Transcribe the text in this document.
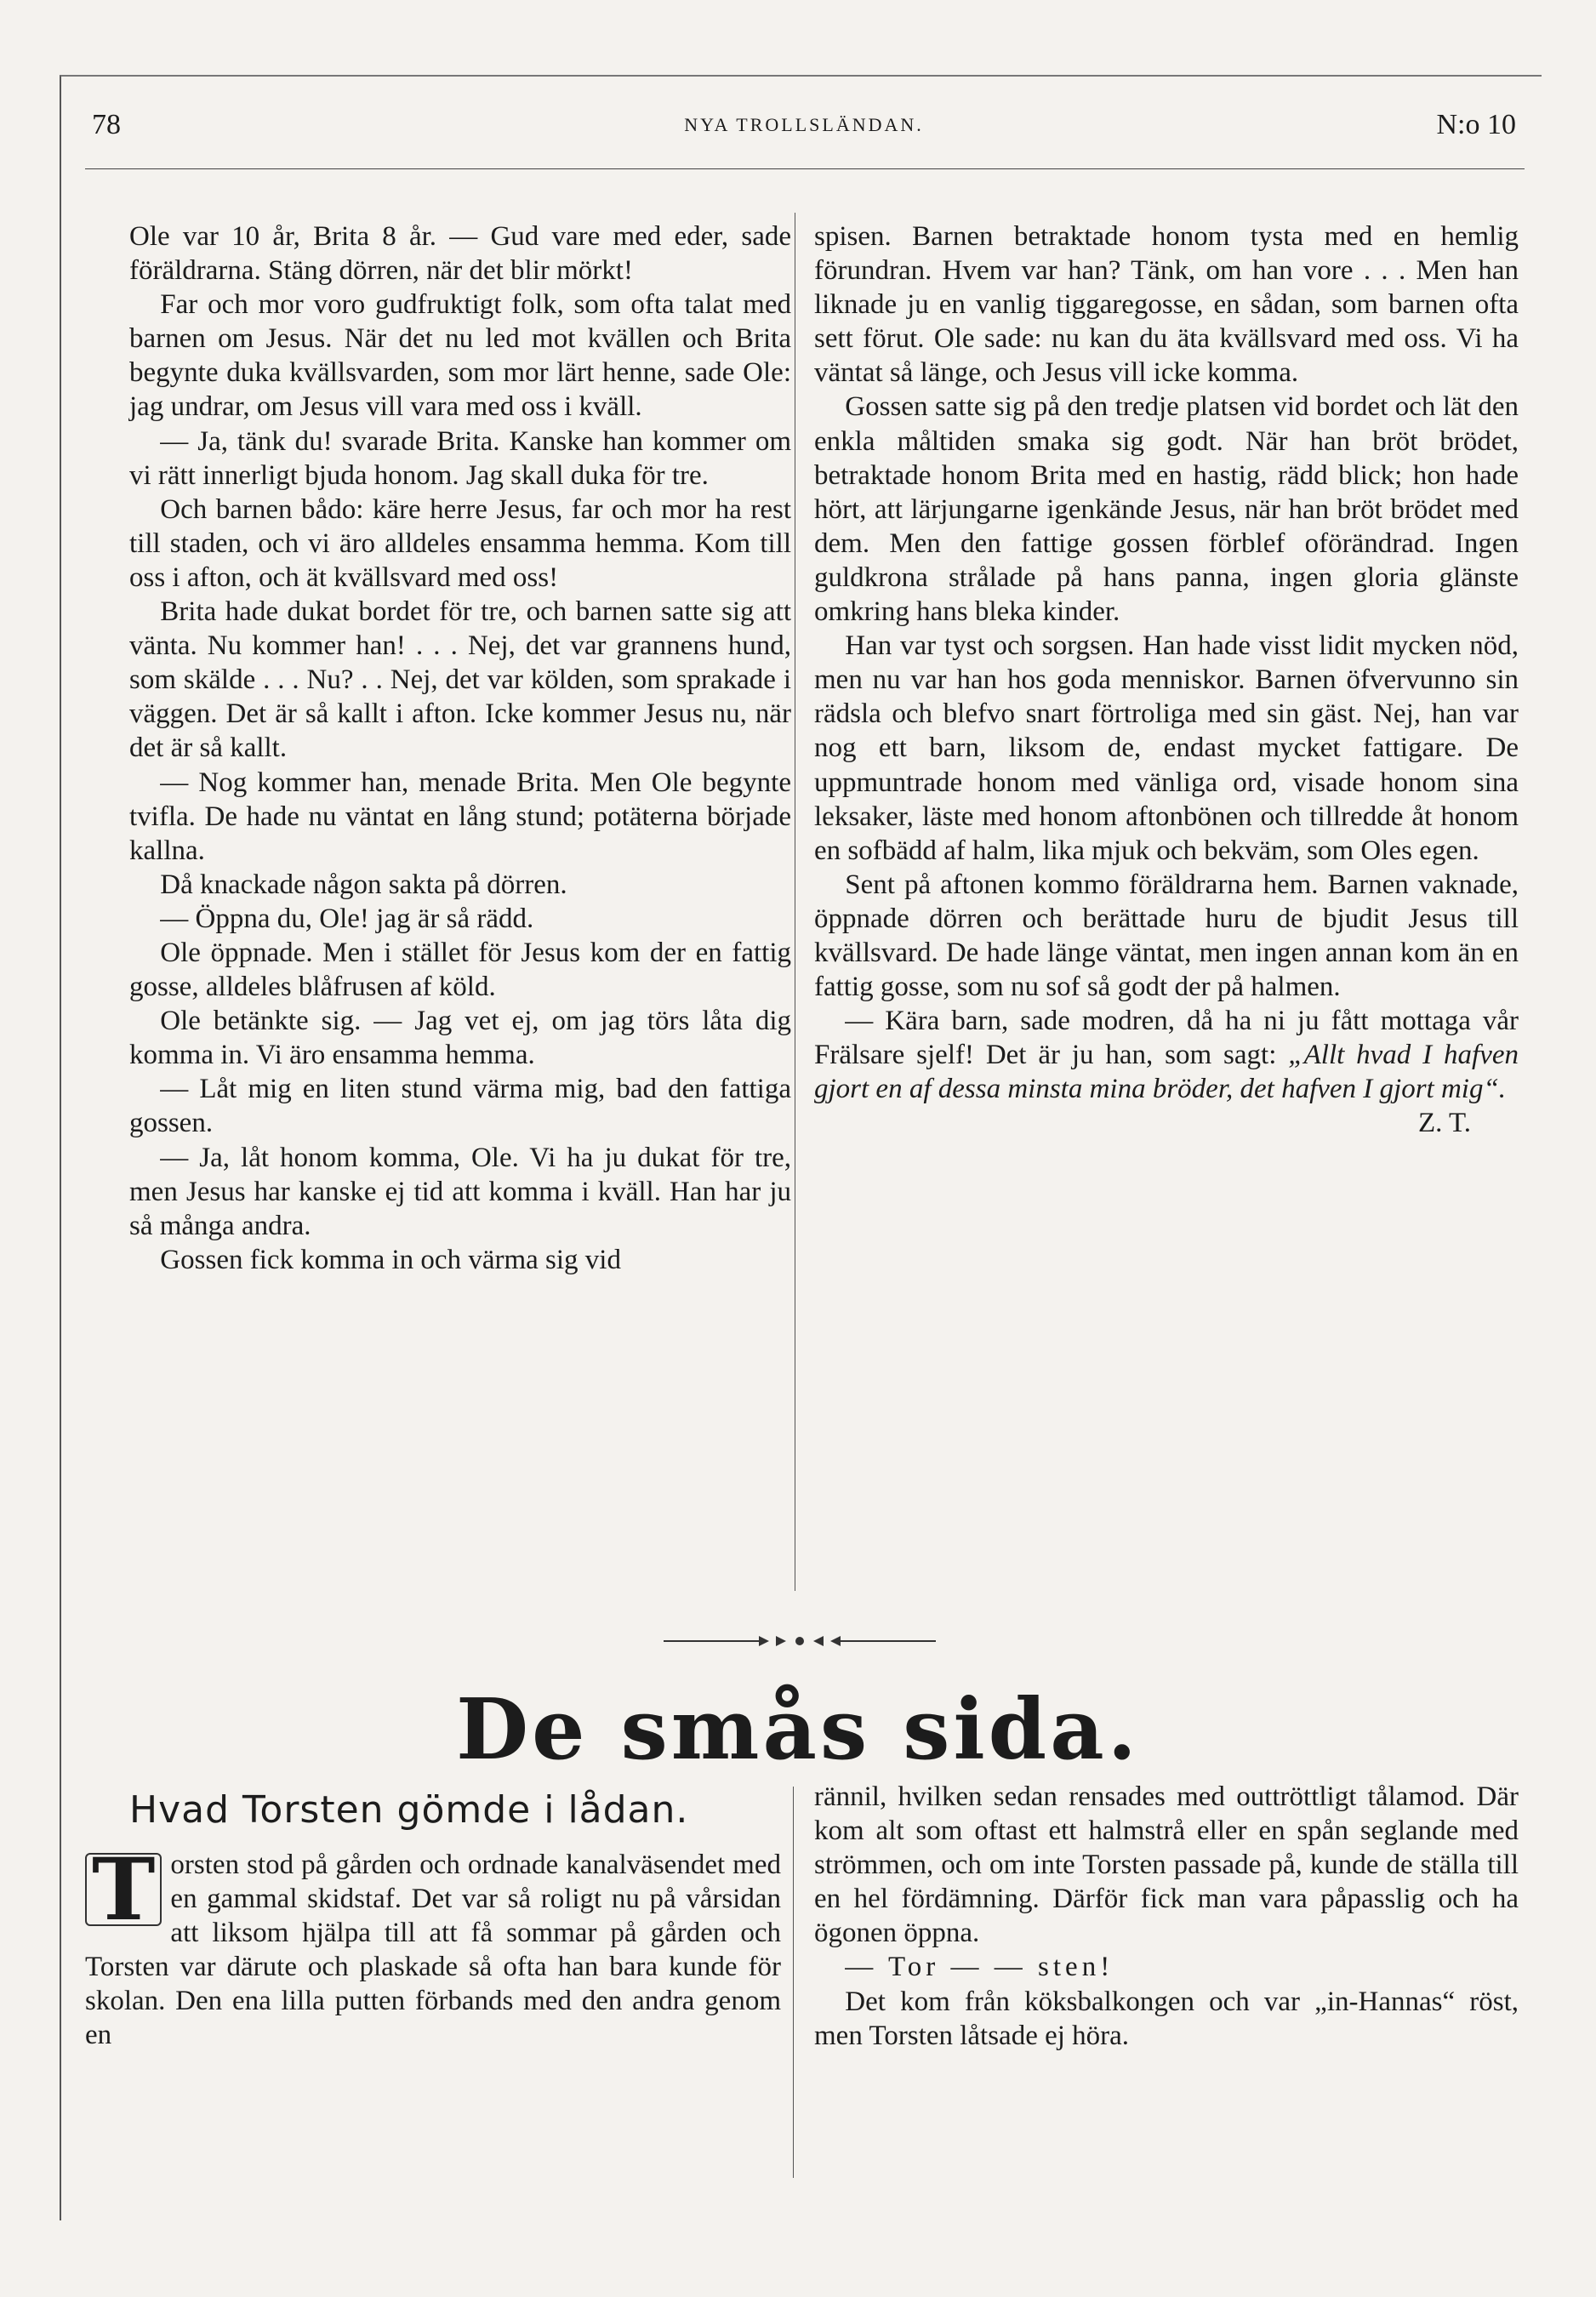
78	NYA TROLLSLÄNDAN.	N:o 10

Ole var 10 år, Brita 8 år. — Gud vare med eder, sade föräldrarna. Stäng dörren, när det blir mörkt!

Far och mor voro gudfruktigt folk, som ofta talat med barnen om Jesus. När det nu led mot kvällen och Brita begynte duka kvällsvarden, som mor lärt henne, sade Ole: jag undrar, om Jesus vill vara med oss i kväll.

— Ja, tänk du! svarade Brita. Kanske han kommer om vi rätt innerligt bjuda honom. Jag skall duka för tre.

Och barnen bådo: käre herre Jesus, far och mor ha rest till staden, och vi äro alldeles ensamma hemma. Kom till oss i afton, och ät kvällsvard med oss!

Brita hade dukat bordet för tre, och barnen satte sig att vänta. Nu kommer han! . . . Nej, det var grannens hund, som skälde . . . Nu? . . Nej, det var kölden, som sprakade i väggen. Det är så kallt i afton. Icke kommer Jesus nu, när det är så kallt.

— Nog kommer han, menade Brita. Men Ole begynte tvifla. De hade nu väntat en lång stund; potäterna började kallna.

Då knackade någon sakta på dörren.

— Öppna du, Ole! jag är så rädd.

Ole öppnade. Men i stället för Jesus kom der en fattig gosse, alldeles blåfrusen af köld.

Ole betänkte sig. — Jag vet ej, om jag törs låta dig komma in. Vi äro ensamma hemma.

— Låt mig en liten stund värma mig, bad den fattiga gossen.

— Ja, låt honom komma, Ole. Vi ha ju dukat för tre, men Jesus har kanske ej tid att komma i kväll. Han har ju så många andra.

Gossen fick komma in och värma sig vid

spisen. Barnen betraktade honom tysta med en hemlig förundran. Hvem var han? Tänk, om han vore . . . Men han liknade ju en vanlig tiggaregosse, en sådan, som barnen ofta sett förut. Ole sade: nu kan du äta kvällsvard med oss. Vi ha väntat så länge, och Jesus vill icke komma.

Gossen satte sig på den tredje platsen vid bordet och lät den enkla måltiden smaka sig godt. När han bröt brödet, betraktade honom Brita med en hastig, rädd blick; hon hade hört, att lärjungarne igenkände Jesus, när han bröt brödet med dem. Men den fattige gossen förblef oförändrad. Ingen guldkrona strålade på hans panna, ingen gloria glänste omkring hans bleka kinder.

Han var tyst och sorgsen. Han hade visst lidit mycken nöd, men nu var han hos goda menniskor. Barnen öfvervunno sin rädsla och blefvo snart förtroliga med sin gäst. Nej, han var nog ett barn, liksom de, endast mycket fattigare. De uppmuntrade honom med vänliga ord, visade honom sina leksaker, läste med honom aftonbönen och tillredde åt honom en sofbädd af halm, lika mjuk och bekväm, som Oles egen.

Sent på aftonen kommo föräldrarna hem. Barnen vaknade, öppnade dörren och berättade huru de bjudit Jesus till kvällsvard. De hade länge väntat, men ingen annan kom än en fattig gosse, som nu sof så godt der på halmen.

— Kära barn, sade modren, då ha ni ju fått mottaga vår Frälsare sjelf! Det är ju han, som sagt: „Allt hvad I hafven gjort en af dessa minsta mina bröder, det hafven I gjort mig“.

Z. T.

De smås sida.
Hvad Torsten gömde i lådan.

T orsten stod på gården och ordnade kanalväsendet med en gammal skidstaf. Det var så roligt nu på vårsidan att liksom hjälpa till att få sommar på gården och Torsten var därute och plaskade så ofta han bara kunde för skolan. Den ena lilla putten förbands med den andra genom en

rännil, hvilken sedan rensades med outtröttligt tålamod. Där kom alt som oftast ett halmstrå eller en spån seglande med strömmen, och om inte Torsten passade på, kunde de ställa till en hel fördämning. Därför fick man vara påpasslig och ha ögonen öppna.

— Tor — — sten!

Det kom från köksbalkongen och var „in-Hannas“ röst, men Torsten låtsade ej höra.
